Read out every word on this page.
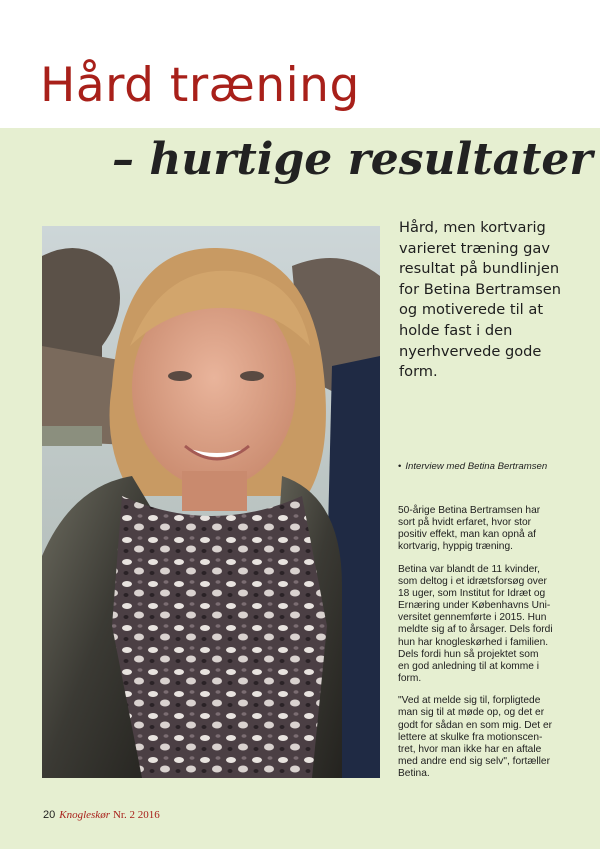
Hård træning
– hurtige resultater
Hård, men kortvarig
varieret træning gav
resultat på bundlinjen
for Betina Bertramsen
og motiverede til at
holde fast i den
nyerhvervede gode
form.
• Interview med Betina Bertramsen

50-årige Betina Bertramsen har
sort på hvidt erfaret, hvor stor
positiv effekt, man kan opnå af
kortvarig, hyppig træning.

Betina var blandt de 11 kvinder,
som deltog i et idrætsforsøg over
18 uger, som Institut for Idræt og
Ernæring under Københavns Uni-
versitet gennemførte i 2015. Hun
meldte sig af to årsager. Dels fordi
hun har knogleskørhed i familien.
Dels fordi hun så projektet som
en god anledning til at komme i
form.

"Ved at melde sig til, forpligtede
man sig til at møde op, og det er
godt for sådan en som mig. Det er
lettere at skulke fra motionscen-
tret, hvor man ikke har en aftale
med andre end sig selv", fortæller
Betina.

20 Knogleskør Nr. 2 2016
